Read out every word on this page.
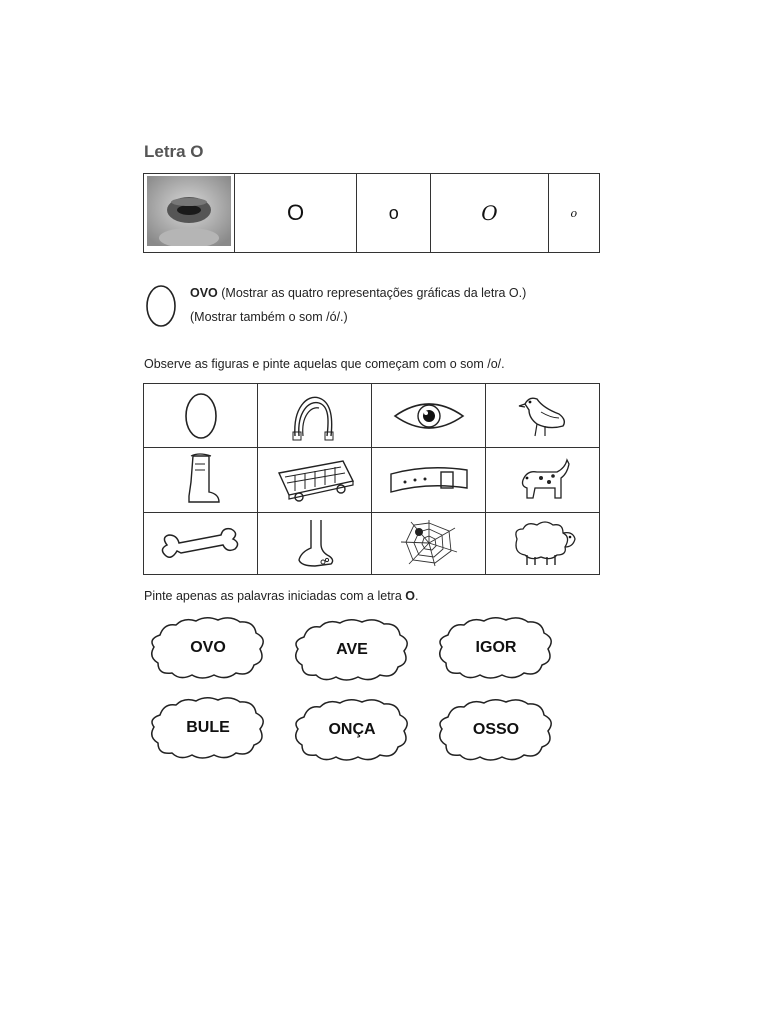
Letra O
	O	o	O	o
OVO (Mostrar as quatro representações gráficas da letra O.)
(Mostrar também o som /ó/.)
Observe as figuras e pinte aquelas que começam com o som /o/.

Pinte apenas as palavras iniciadas com a letra O.
OVO	AVE	IGOR
BULE	ONÇA	OSSO
